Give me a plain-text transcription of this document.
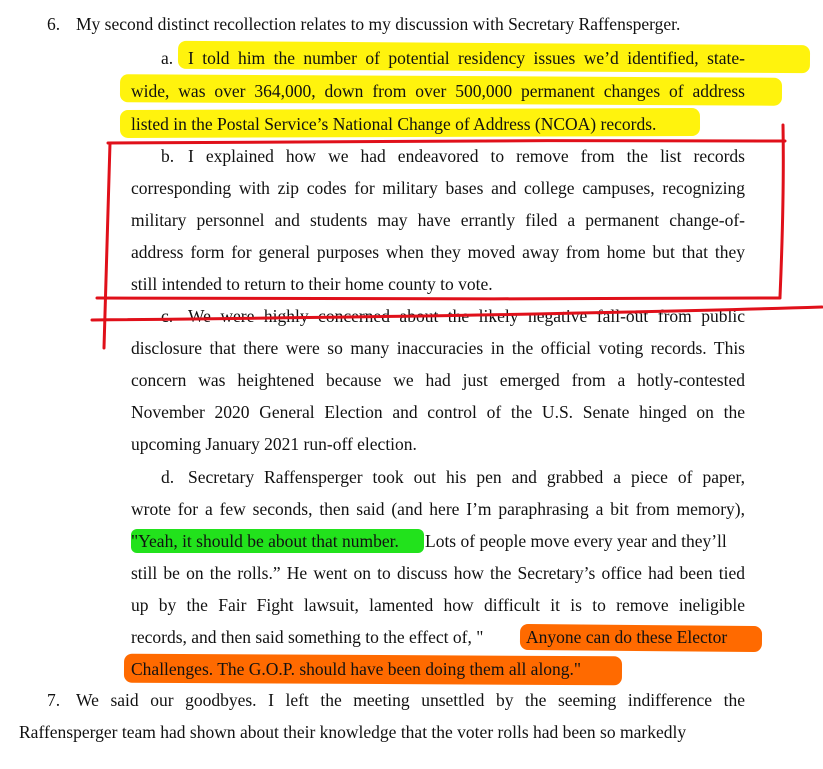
6. My second distinct recollection relates to my discussion with Secretary Raffensperger.
a. I told him the number of potential residency issues we’d identified, state-
wide, was over 364,000, down from over 500,000 permanent changes of address
listed in the Postal Service’s National Change of Address (NCOA) records.
b. I explained how we had endeavored to remove from the list records
corresponding with zip codes for military bases and college campuses, recognizing
military personnel and students may have errantly filed a permanent change-of-
address form for general purposes when they moved away from home but that they
still intended to return to their home county to vote.
c. We were highly concerned about the likely negative fall-out from public
disclosure that there were so many inaccuracies in the official voting records. This
concern was heightened because we had just emerged from a hotly-contested
November 2020 General Election and control of the U.S. Senate hinged on the
upcoming January 2021 run-off election.
d. Secretary Raffensperger took out his pen and grabbed a piece of paper,
wrote for a few seconds, then said (and here I’m paraphrasing a bit from memory),
"Yeah, it should be about that number. Lots of people move every year and they’ll
still be on the rolls.” He went on to discuss how the Secretary’s office had been tied
up by the Fair Fight lawsuit, lamented how difficult it is to remove ineligible
records, and then said something to the effect of, " Anyone can do these Elector
Challenges. The G.O.P. should have been doing them all along."
7. We said our goodbyes. I left the meeting unsettled by the seeming indifference the
Raffensperger team had shown about their knowledge that the voter rolls had been so markedly
